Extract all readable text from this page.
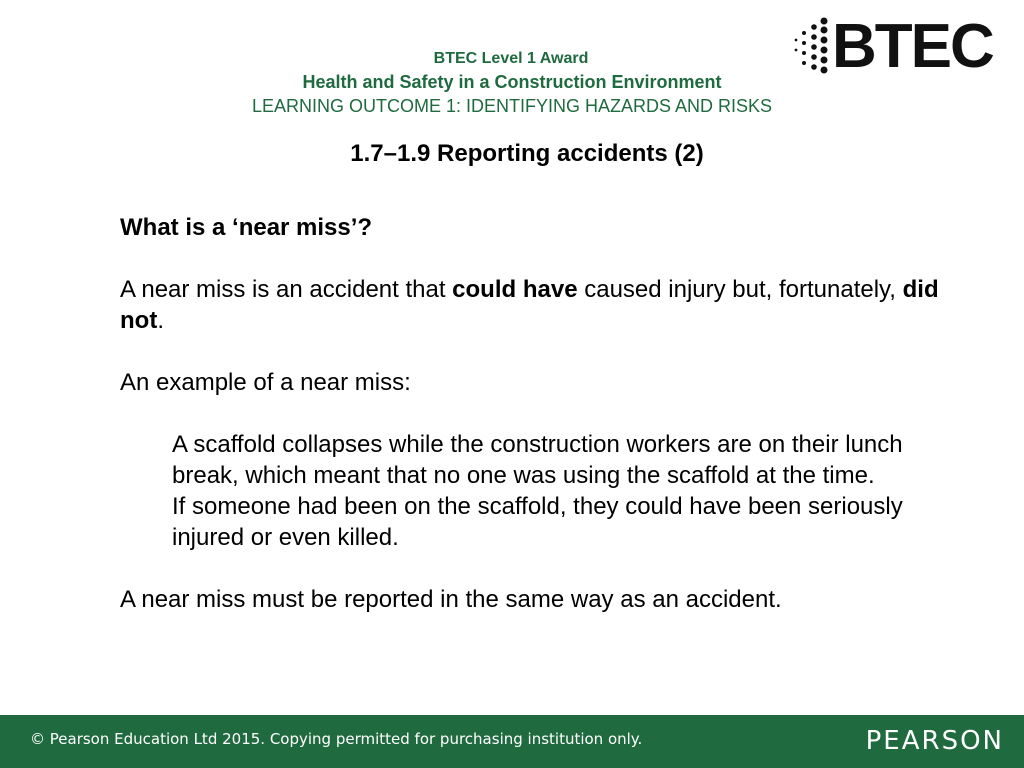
BTEC Level 1 Award
Health and Safety in a Construction Environment
LEARNING OUTCOME 1: IDENTIFYING HAZARDS AND RISKS
BTEC
1.7–1.9 Reporting accidents (2)

What is a ‘near miss’?

A near miss is an accident that could have caused injury but, fortunately, did not.

An example of a near miss:

A scaffold collapses while the construction workers are on their lunch break, which meant that no one was using the scaffold at the time.

If someone had been on the scaffold, they could have been seriously injured or even killed.

A near miss must be reported in the same way as an accident.

© Pearson Education Ltd 2015. Copying permitted for purchasing institution only.	PEARSON
